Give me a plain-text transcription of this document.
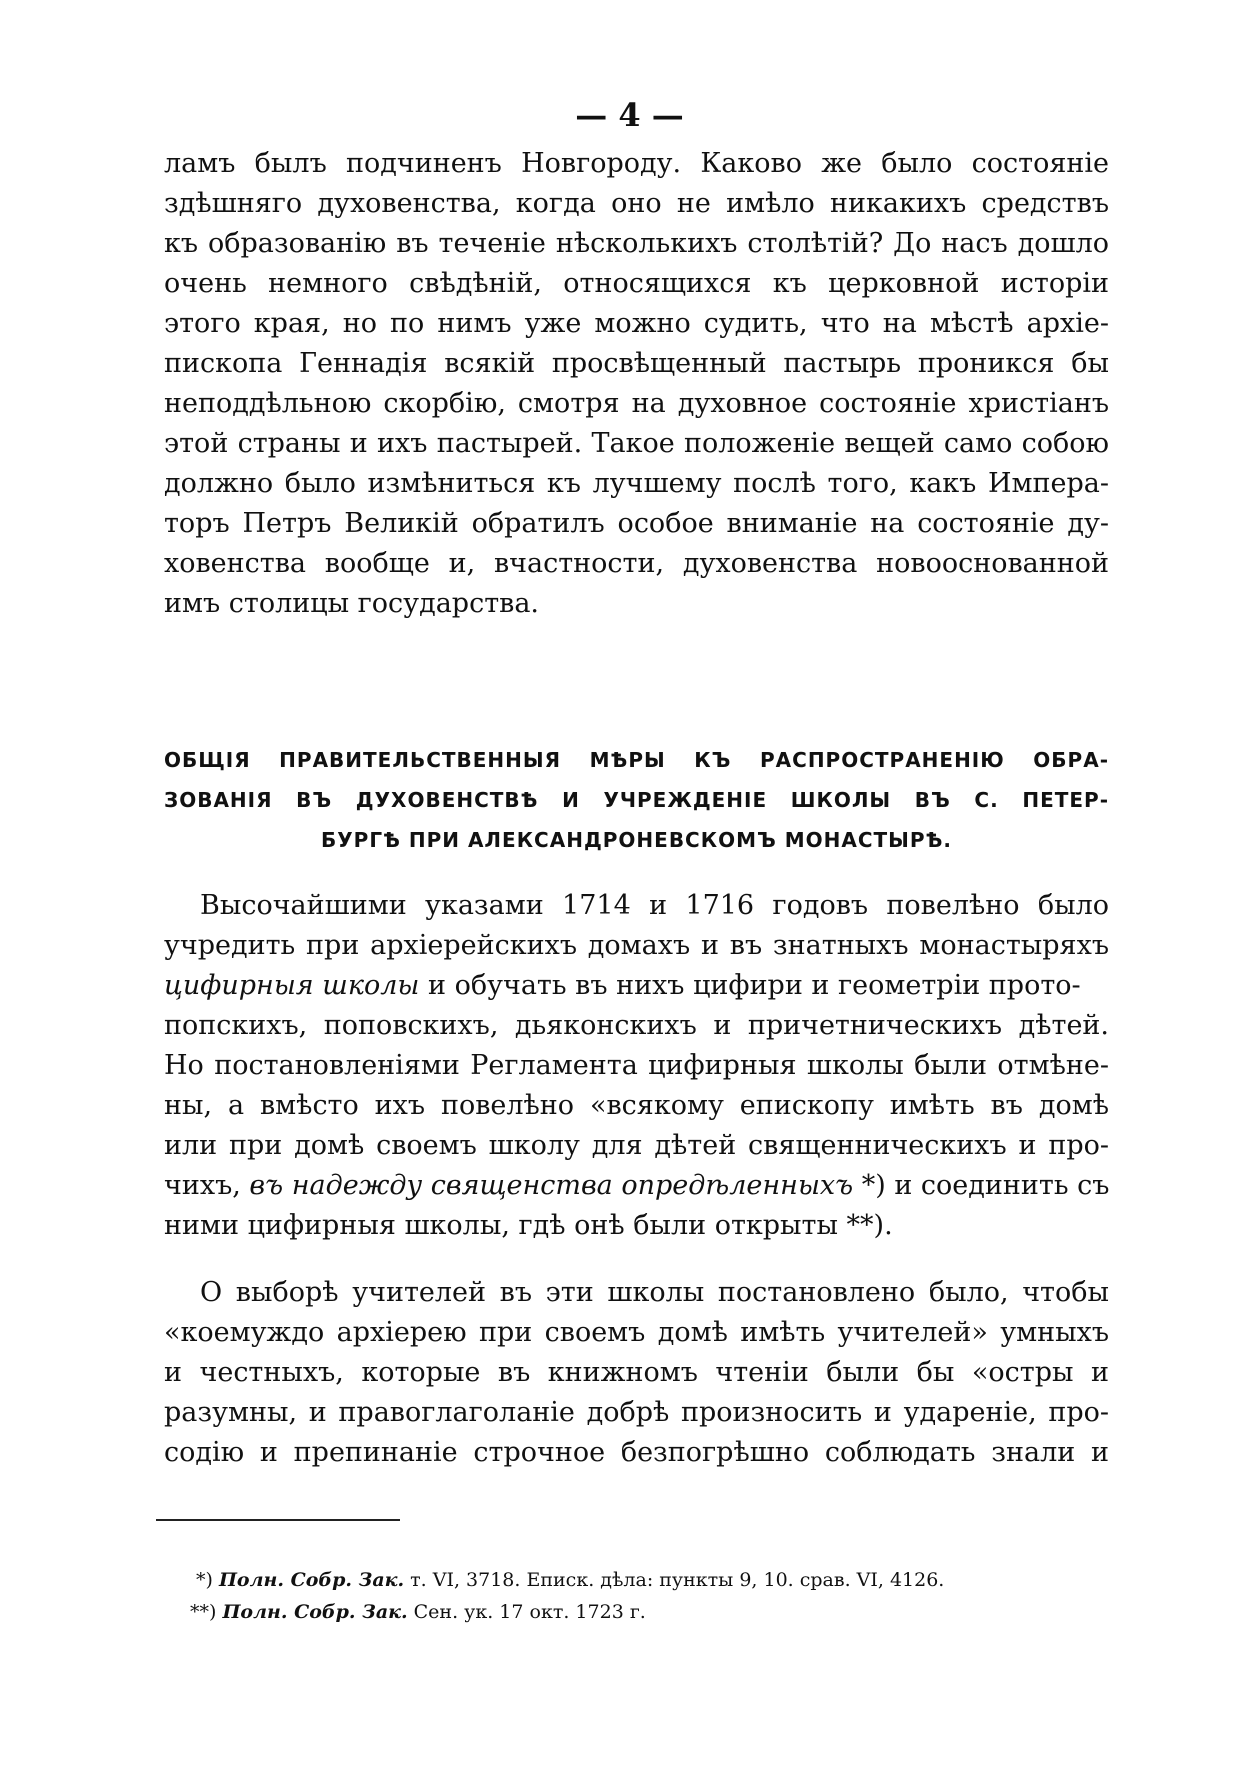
— 4 —
ламъ былъ подчиненъ Новгороду. Каково же было состояніе
здѣшняго духовенства, когда оно не имѣло никакихъ средствъ
къ образованію въ теченіе нѣсколькихъ столѣтій? До насъ дошло
очень немного свѣдѣній, относящихся къ церковной исторіи
этого края, но по нимъ уже можно судить, что на мѣстѣ архіе-
пископа Геннадія всякій просвѣщенный пастырь проникся бы
неподдѣльною скорбію, смотря на духовное состояніе христіанъ
этой страны и ихъ пастырей. Такое положеніе вещей само собою
должно было измѣниться къ лучшему послѣ того, какъ Импера-
торъ Петръ Великій обратилъ особое вниманіе на состояніе ду-
ховенства вообще и, вчастности, духовенства новооснованной
имъ столицы государства.
ОБЩІЯ ПРАВИТЕЛЬСТВЕННЫЯ МѢРЫ КЪ РАСПРОСТРАНЕНІЮ ОБРА-
ЗОВАНІЯ ВЪ ДУХОВЕНСТВѢ И УЧРЕЖДЕНІЕ ШКОЛЫ ВЪ С. ПЕТЕР-
БУРГѢ ПРИ АЛЕКСАНДРОНЕВСКОМЪ МОНАСТЫРѢ.
Высочайшими указами 1714 и 1716 годовъ повелѣно было
учредить при архіерейскихъ домахъ и въ знатныхъ монастыряхъ
цифирныя школы и обучать въ нихъ цифири и геометріи прото-
попскихъ, поповскихъ, дьяконскихъ и причетническихъ дѣтей.
Но постановленіями Регламента цифирныя школы были отмѣне-
ны, а вмѣсто ихъ повелѣно «всякому епископу имѣть въ домѣ
или при домѣ своемъ школу для дѣтей священническихъ и про-
чихъ, въ надежду священства опредѣленныхъ *) и соединить съ
ними цифирныя школы, гдѣ онѣ были открыты **).
О выборѣ учителей въ эти школы постановлено было, чтобы
«коемуждо архіерею при своемъ домѣ имѣть учителей» умныхъ
и честныхъ, которые въ книжномъ чтеніи были бы «остры и
разумны, и правоглаголаніе добрѣ произносить и удареніе, про-
содію и препинаніе строчное безпогрѣшно соблюдать знали и
*) Полн. Собр. Зак. т. VI, 3718. Еписк. дѣла: пункты 9, 10. срав. VI, 4126.
**) Полн. Собр. Зак. Сен. ук. 17 окт. 1723 г.
